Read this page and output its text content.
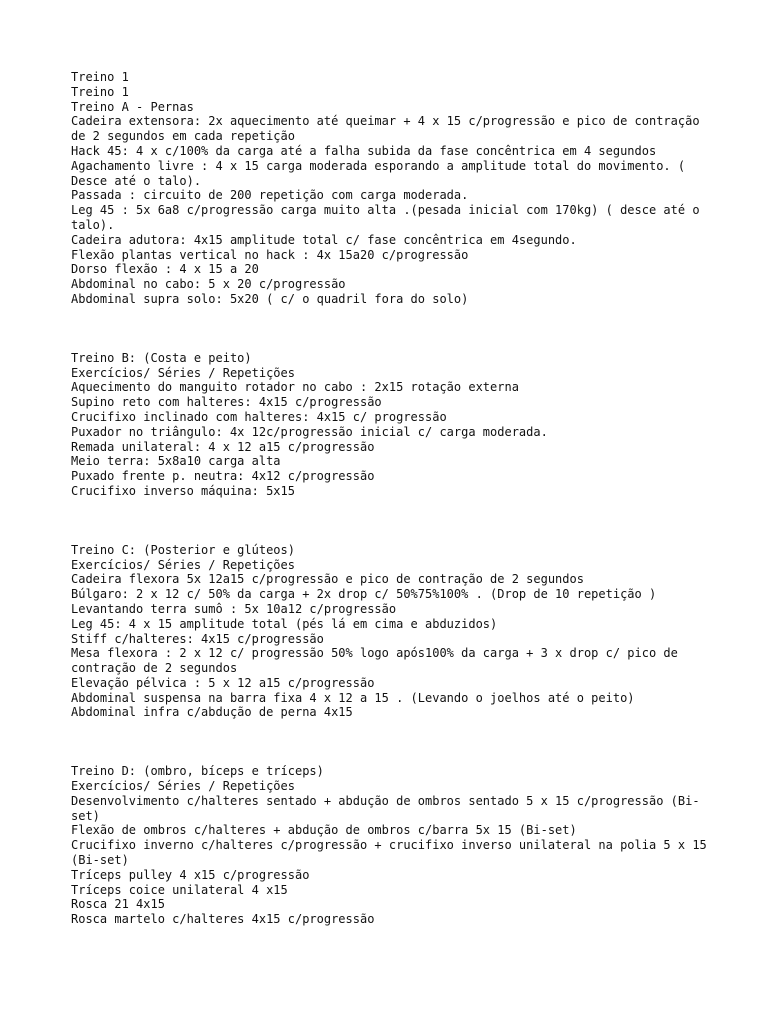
Treino 1
Treino 1
Treino A - Pernas
Cadeira extensora: 2x aquecimento até queimar + 4 x 15 c/progressão e pico de contração de 2 segundos em cada repetição
Hack 45: 4 x c/100% da carga até a falha subida da fase concêntrica em 4 segundos
Agachamento livre : 4 x 15 carga moderada esporando a amplitude total do movimento. ( Desce até o talo).
Passada : circuito de 200 repetição com carga moderada.
Leg 45 : 5x 6a8 c/progressão carga muito alta .(pesada inicial com 170kg) ( desce até o talo).
Cadeira adutora: 4x15 amplitude total c/ fase concêntrica em 4segundo.
Flexão plantas vertical no hack : 4x 15a20 c/progressão
Dorso flexão : 4 x 15 a 20
Abdominal no cabo: 5 x 20 c/progressão
Abdominal supra solo: 5x20 ( c/ o quadril fora do solo)
Treino B: (Costa e peito)
Exercícios/ Séries / Repetições
Aquecimento do manguito rotador no cabo : 2x15 rotação externa
Supino reto com halteres: 4x15 c/progressão
Crucifixo inclinado com halteres: 4x15 c/ progressão
Puxador no triângulo: 4x 12c/progressão inicial c/ carga moderada.
Remada unilateral: 4 x 12 a15 c/progressão
Meio terra: 5x8a10 carga alta
Puxado frente p. neutra: 4x12 c/progressão
Crucifixo inverso máquina: 5x15
Treino C: (Posterior e glúteos)
Exercícios/ Séries / Repetições
Cadeira flexora 5x 12a15 c/progressão e pico de contração de 2 segundos
Búlgaro: 2 x 12 c/ 50% da carga + 2x drop c/ 50%75%100% . (Drop de 10 repetição )
Levantando terra sumô : 5x 10a12 c/progressão
Leg 45: 4 x 15 amplitude total (pés lá em cima e abduzidos)
Stiff c/halteres: 4x15 c/progressão
Mesa flexora : 2 x 12 c/ progressão 50% logo após100% da carga + 3 x drop c/ pico de contração de 2 segundos
Elevação pélvica : 5 x 12 a15 c/progressão
Abdominal suspensa na barra fixa 4 x 12 a 15 . (Levando o joelhos até o peito)
Abdominal infra c/abdução de perna 4x15
Treino D: (ombro, bíceps e tríceps)
Exercícios/ Séries / Repetições
Desenvolvimento c/halteres sentado + abdução de ombros sentado 5 x 15 c/progressão (Bi-set)
Flexão de ombros c/halteres + abdução de ombros c/barra 5x 15 (Bi-set)
Crucifixo inverno c/halteres c/progressão + crucifixo inverso unilateral na polia 5 x 15 (Bi-set)
Tríceps pulley 4 x15 c/progressão
Tríceps coice unilateral 4 x15
Rosca 21 4x15
Rosca martelo c/halteres 4x15 c/progressão
